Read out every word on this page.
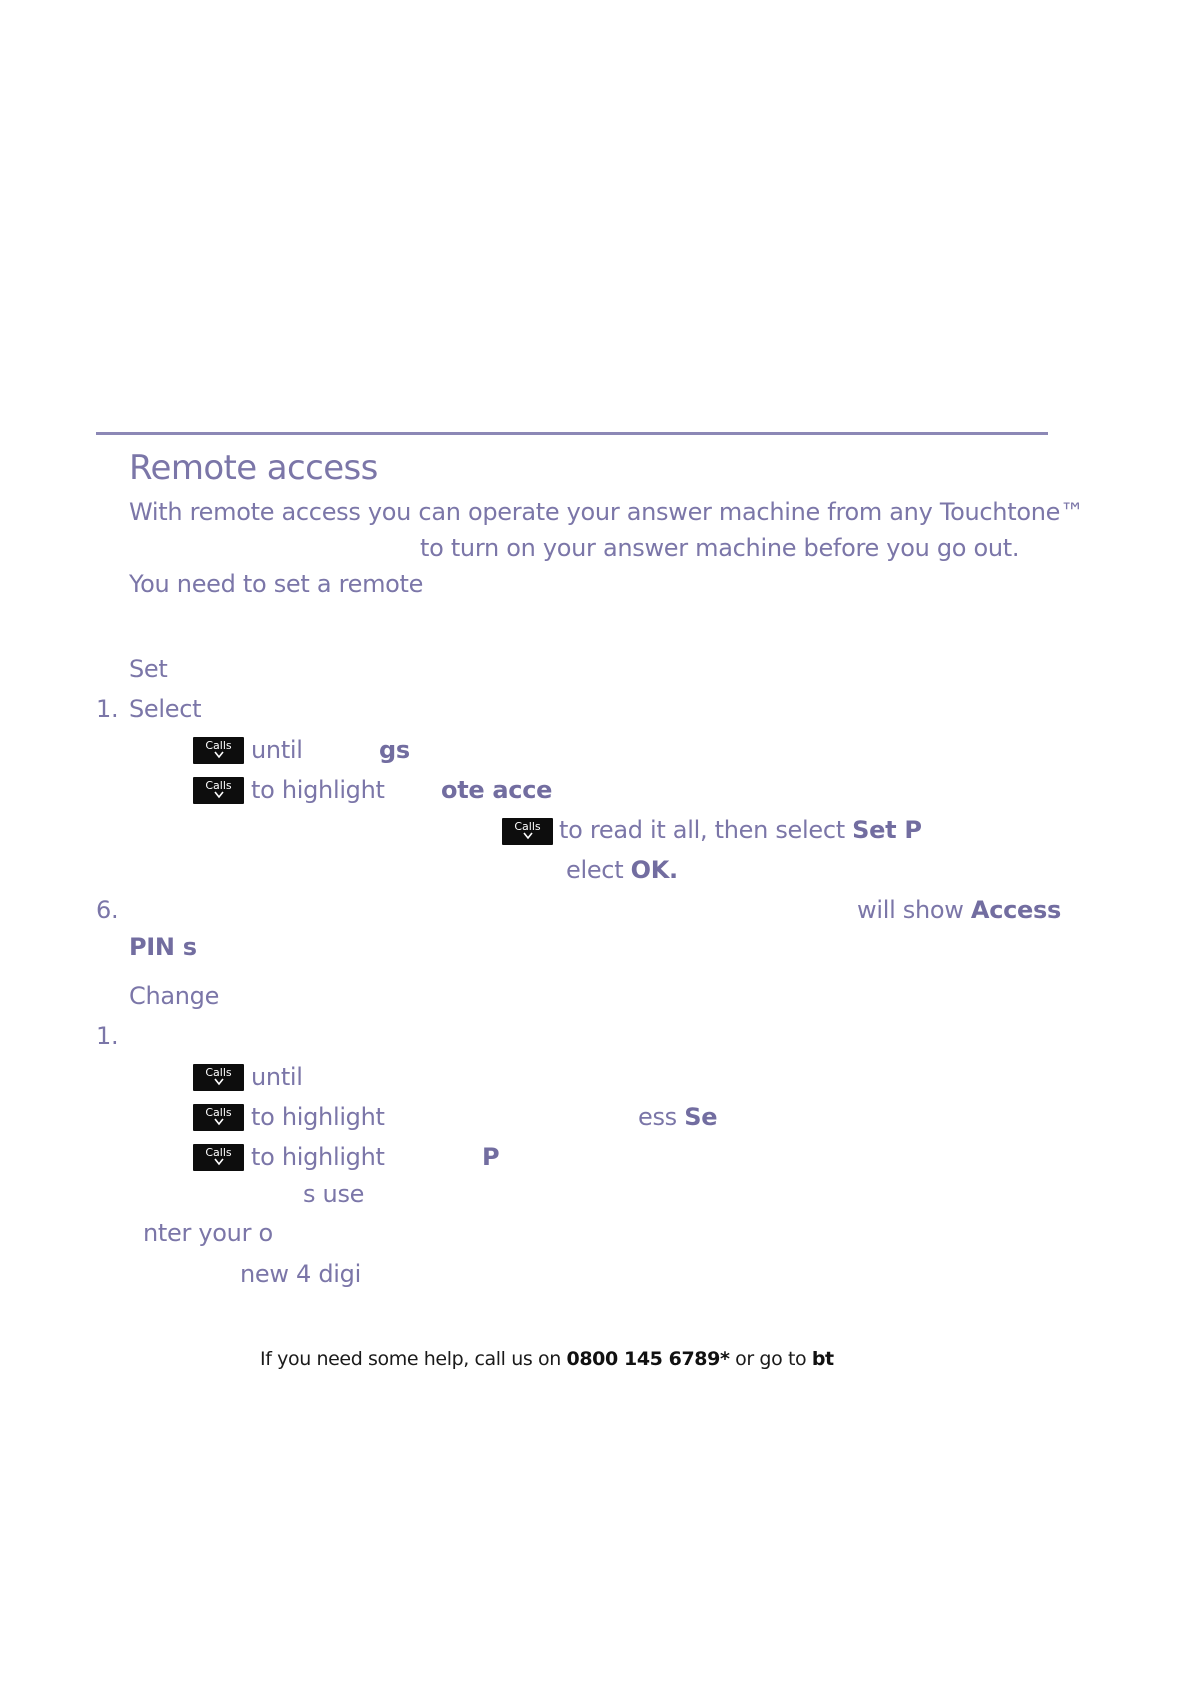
Remote access
With remote access you can operate your answer machine from any Touchtone™
to turn on your answer machine before you go out.
You need to set a remote
Set
1. Select
Calls until	gs
Calls to highlight ote acce
Calls to read it all, then select Set P
elect OK.
6.	will show Access
PIN s
Change
1.
Calls until
Calls to highlight	ess Se
Calls to highlight	P
s use
nter your o
new 4 digi
If you need some help, call us on 0800 145 6789* or go to bt
